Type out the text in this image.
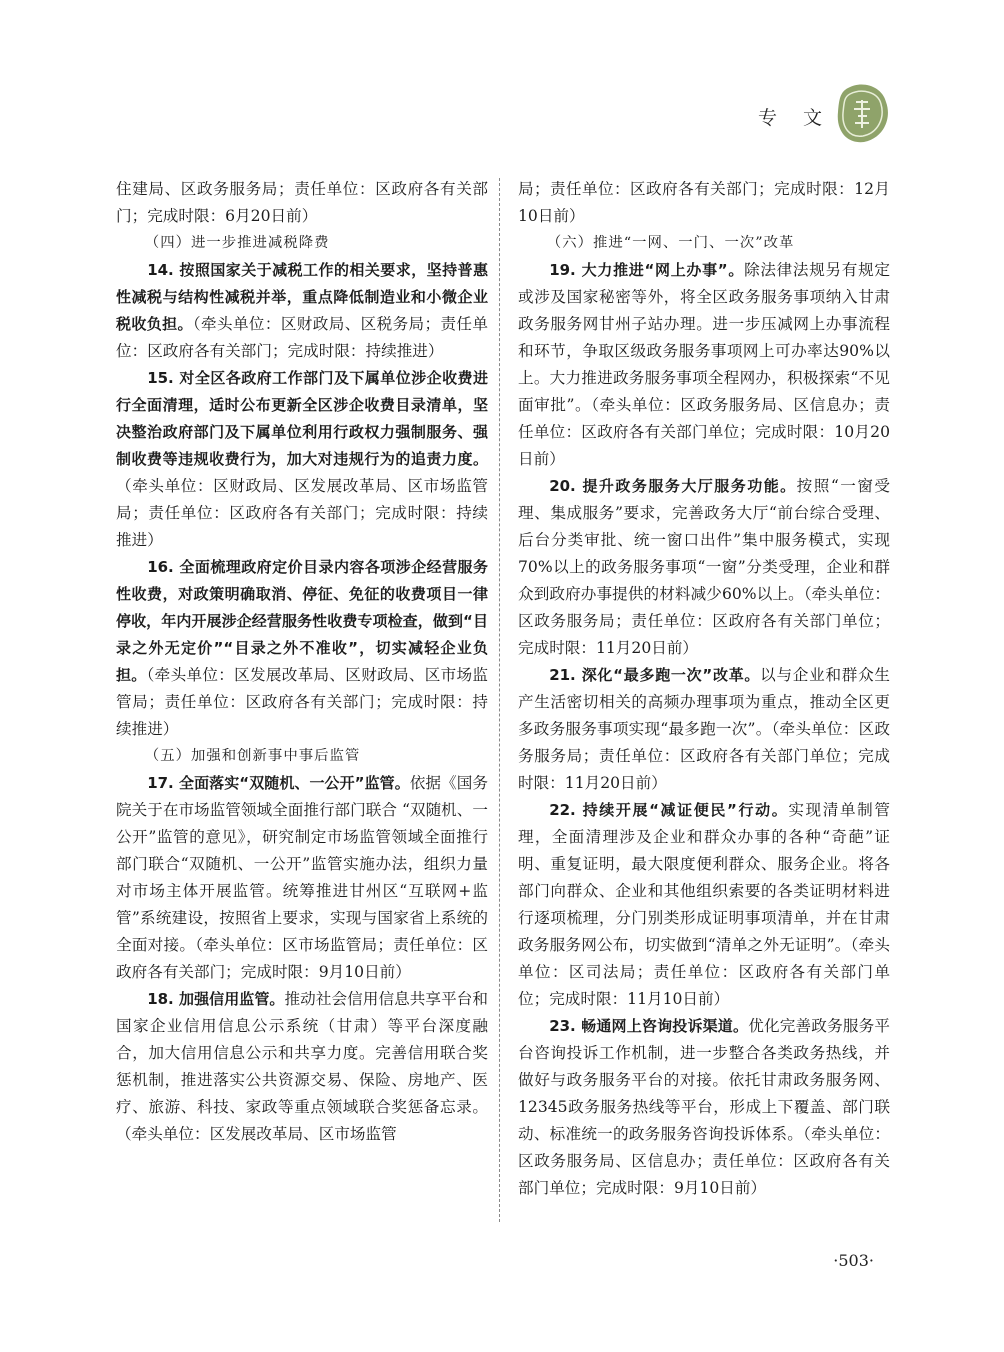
专 文

住建局、区政务服务局；责任单位：区政府各有关部门；完成时限：6月20日前）

（四）进一步推进减税降费

14. 按照国家关于减税工作的相关要求，坚持普惠性减税与结构性减税并举，重点降低制造业和小微企业税收负担。（牵头单位：区财政局、区税务局；责任单位：区政府各有关部门；完成时限：持续推进）

15. 对全区各政府工作部门及下属单位涉企收费进行全面清理，适时公布更新全区涉企收费目录清单，坚决整治政府部门及下属单位利用行政权力强制服务、强制收费等违规收费行为，加大对违规行为的追责力度。（牵头单位：区财政局、区发展改革局、区市场监管局；责任单位：区政府各有关部门；完成时限：持续推进）

16. 全面梳理政府定价目录内容各项涉企经营服务性收费，对政策明确取消、停征、免征的收费项目一律停收，年内开展涉企经营服务性收费专项检查，做到“目录之外无定价”“目录之外不准收”，切实减轻企业负担。（牵头单位：区发展改革局、区财政局、区市场监管局；责任单位：区政府各有关部门；完成时限：持续推进）

（五）加强和创新事中事后监管

17. 全面落实“双随机、一公开”监管。依据《国务院关于在市场监管领域全面推行部门联合 “双随机、一公开”监管的意见》，研究制定市场监管领域全面推行部门联合“双随机、一公开”监管实施办法，组织力量对市场主体开展监管。统筹推进甘州区“互联网+监管”系统建设，按照省上要求，实现与国家省上系统的全面对接。（牵头单位：区市场监管局；责任单位：区政府各有关部门；完成时限：9月10日前）

18. 加强信用监管。推动社会信用信息共享平台和国家企业信用信息公示系统（甘肃）等平台深度融合，加大信用信息公示和共享力度。完善信用联合奖惩机制，推进落实公共资源交易、保险、房地产、医疗、旅游、科技、家政等重点领域联合奖惩备忘录。（牵头单位：区发展改革局、区市场监管

局；责任单位：区政府各有关部门；完成时限：12月10日前）

（六）推进“一网、一门、一次”改革

19. 大力推进“网上办事”。除法律法规另有规定或涉及国家秘密等外，将全区政务服务事项纳入甘肃政务服务网甘州子站办理。进一步压减网上办事流程和环节，争取区级政务服务事项网上可办率达90%以上。大力推进政务服务事项全程网办，积极探索“不见面审批”。（牵头单位：区政务服务局、区信息办；责任单位：区政府各有关部门单位；完成时限：10月20日前）

20. 提升政务服务大厅服务功能。按照“一窗受理、集成服务”要求，完善政务大厅“前台综合受理、后台分类审批、统一窗口出件”集中服务模式，实现70%以上的政务服务事项“一窗”分类受理，企业和群众到政府办事提供的材料减少60%以上。（牵头单位：区政务服务局；责任单位：区政府各有关部门单位；完成时限：11月20日前）

21. 深化“最多跑一次”改革。以与企业和群众生产生活密切相关的高频办理事项为重点，推动全区更多政务服务事项实现“最多跑一次”。（牵头单位：区政务服务局；责任单位：区政府各有关部门单位；完成时限：11月20日前）

22. 持续开展“减证便民”行动。实现清单制管理，全面清理涉及企业和群众办事的各种“奇葩”证明、重复证明，最大限度便利群众、服务企业。将各部门向群众、企业和其他组织索要的各类证明材料进行逐项梳理，分门别类形成证明事项清单，并在甘肃政务服务网公布，切实做到“清单之外无证明”。（牵头单位：区司法局；责任单位：区政府各有关部门单位；完成时限：11月10日前）

23. 畅通网上咨询投诉渠道。优化完善政务服务平台咨询投诉工作机制，进一步整合各类政务热线，并做好与政务服务平台的对接。依托甘肃政务服务网、12345政务服务热线等平台，形成上下覆盖、部门联动、标准统一的政务服务咨询投诉体系。（牵头单位：区政务服务局、区信息办；责任单位：区政府各有关部门单位；完成时限：9月10日前）

·503·
